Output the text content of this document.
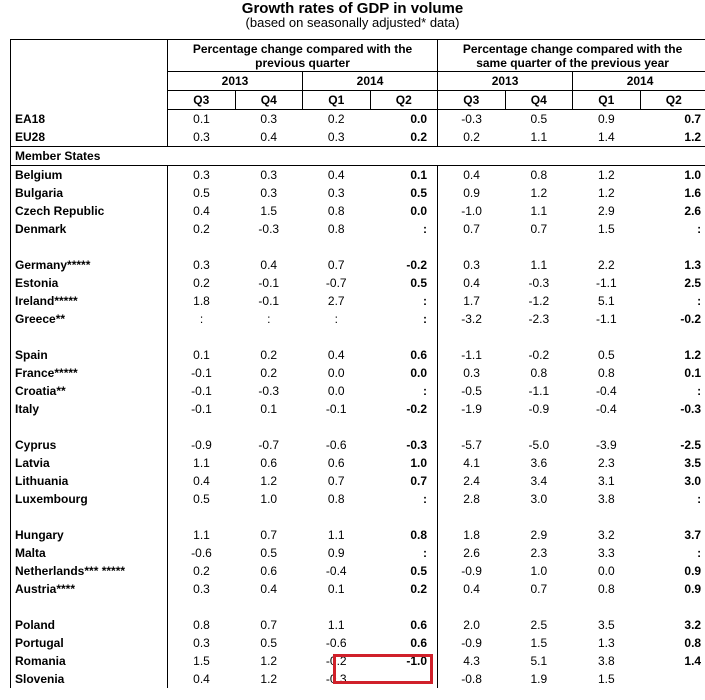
Growth rates of GDP in volume
(based on seasonally adjusted* data)
	Percentage change compared with the previous quarter				Percentage change compared with the same quarter of the previous year			
	2013		2014		2013		2014	
	Q3	Q4	Q1	Q2	Q3	Q4	Q1	Q2
EA18	0.1	0.3	0.2	0.0	-0.3	0.5	0.9	0.7
EU28	0.3	0.4	0.3	0.2	0.2	1.1	1.4	1.2
Member States								
Belgium	0.3	0.3	0.4	0.1	0.4	0.8	1.2	1.0
Bulgaria	0.5	0.3	0.3	0.5	0.9	1.2	1.2	1.6
Czech Republic	0.4	1.5	0.8	0.0	-1.0	1.1	2.9	2.6
Denmark	0.2	-0.3	0.8	:	0.7	0.7	1.5	:

Germany*****	0.3	0.4	0.7	-0.2	0.3	1.1	2.2	1.3
Estonia	0.2	-0.1	-0.7	0.5	0.4	-0.3	-1.1	2.5
Ireland*****	1.8	-0.1	2.7	:	1.7	-1.2	5.1	:
Greece**	:	:	:	:	-3.2	-2.3	-1.1	-0.2

Spain	0.1	0.2	0.4	0.6	-1.1	-0.2	0.5	1.2
France*****	-0.1	0.2	0.0	0.0	0.3	0.8	0.8	0.1
Croatia**	-0.1	-0.3	0.0	:	-0.5	-1.1	-0.4	:
Italy	-0.1	0.1	-0.1	-0.2	-1.9	-0.9	-0.4	-0.3

Cyprus	-0.9	-0.7	-0.6	-0.3	-5.7	-5.0	-3.9	-2.5
Latvia	1.1	0.6	0.6	1.0	4.1	3.6	2.3	3.5
Lithuania	0.4	1.2	0.7	0.7	2.4	3.4	3.1	3.0
Luxembourg	0.5	1.0	0.8	:	2.8	3.0	3.8	:

Hungary	1.1	0.7	1.1	0.8	1.8	2.9	3.2	3.7
Malta	-0.6	0.5	0.9	:	2.6	2.3	3.3	:
Netherlands*** *****	0.2	0.6	-0.4	0.5	-0.9	1.0	0.0	0.9
Austria****	0.3	0.4	0.1	0.2	0.4	0.7	0.8	0.9

Poland	0.8	0.7	1.1	0.6	2.0	2.5	3.5	3.2
Portugal	0.3	0.5	-0.6	0.6	-0.9	1.5	1.3	0.8
Romania	1.5	1.2	-0.2	-1.0	4.3	5.1	3.8	1.4
Slovenia	0.4	1.2	-0.3		-0.8	1.9	1.5	
